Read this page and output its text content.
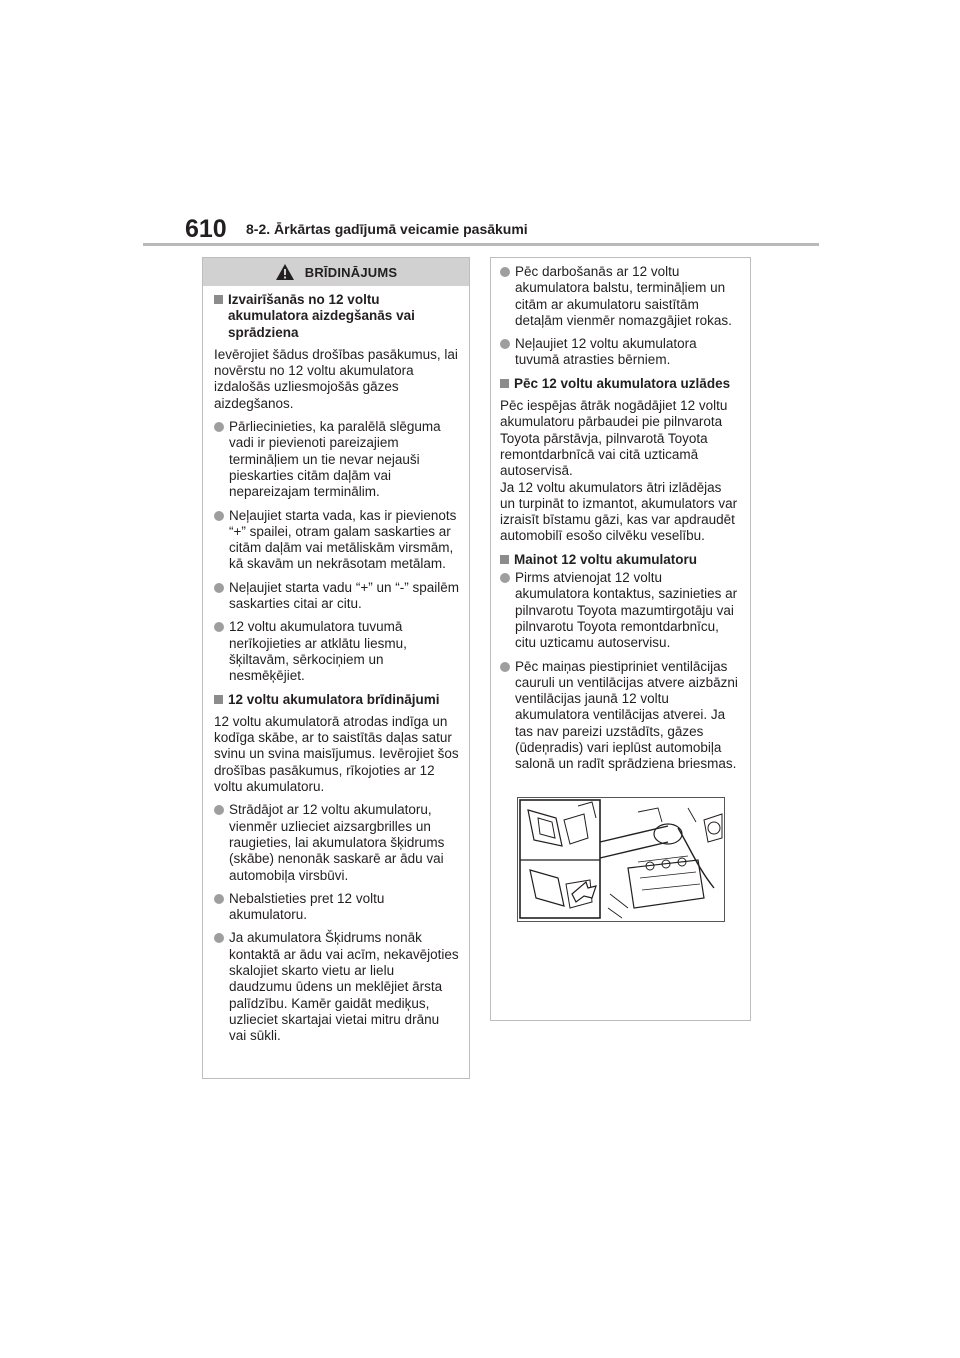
610 8-2. Ārkārtas gadījumā veicamie pasākumi
BRĪDINĀJUMS
Izvairīšanās no 12 voltu akumulatora aizdegšanās vai sprādziena
Ievērojiet šādus drošības pasākumus, lai novērstu no 12 voltu akumulatora izdalošās uzliesmojošās gāzes aizdegšanos.
Pārliecinieties, ka paralēlā slēguma vadi ir pievienoti pareizajiem termināļiem un tie nevar nejauši pieskarties citām daļām vai nepareizajam terminālim.
Neļaujiet starta vada, kas ir pievienots “+” spailei, otram galam saskarties ar citām daļām vai metāliskām virsmām, kā skavām un nekrāsotam metālam.
Neļaujiet starta vadu “+” un “-” spailēm saskarties citai ar citu.
12 voltu akumulatora tuvumā nerīkojieties ar atklātu liesmu, šķiltavām, sērkociņiem un nesmēķējiet.
12 voltu akumulatora brīdinājumi
12 voltu akumulatorā atrodas indīga un kodīga skābe, ar to saistītās daļas satur svinu un svina maisījumus. Ievērojiet šos drošības pasākumus, rīkojoties ar 12 voltu akumulatoru.
Strādājot ar 12 voltu akumulatoru, vienmēr uzlieciet aizsargbrilles un raugieties, lai akumulatora šķidrums (skābe) nenonāk saskarē ar ādu vai automobiļa virsbūvi.
Nebalstieties pret 12 voltu akumulatoru.
Ja akumulatora Šķidrums nonāk kontaktā ar ādu vai acīm, nekavējoties skalojiet skarto vietu ar lielu daudzumu ūdens un meklējiet ārsta palīdzību. Kamēr gaidāt mediķus, uzlieciet skartajai vietai mitru drānu vai sūkli.
Pēc darbošanās ar 12 voltu akumulatora balstu, termināļiem un citām ar akumulatoru saistītām detaļām vienmēr nomazgājiet rokas.
Neļaujiet 12 voltu akumulatora tuvumā atrasties bērniem.
Pēc 12 voltu akumulatora uzlādes
Pēc iespējas ātrāk nogādājiet 12 voltu akumulatoru pārbaudei pie pilnvarota Toyota pārstāvja, pilnvarotā Toyota remontdarbnīcā vai citā uzticamā autoservisā.
Ja 12 voltu akumulators ātri izlādējas un turpināt to izmantot, akumulators var izraisīt bīstamu gāzi, kas var apdraudēt automobilī esošo cilvēku veselību.
Mainot 12 voltu akumulatoru
Pirms atvienojat 12 voltu akumulatora kontaktus, sazinieties ar pilnvarotu Toyota mazumtirgotāju vai pilnvarotu Toyota remontdarbnīcu, citu uzticamu autoservisu.
Pēc maiņas piestipriniet ventilācijas cauruli un ventilācijas atvere aizbāzni ventilācijas jaunā 12 voltu akumulatora ventilācijas atverei. Ja tas nav pareizi uzstādīts, gāzes (ūdeņradis) vari ieplūst automobiļa salonā un radīt sprādziena briesmas.
